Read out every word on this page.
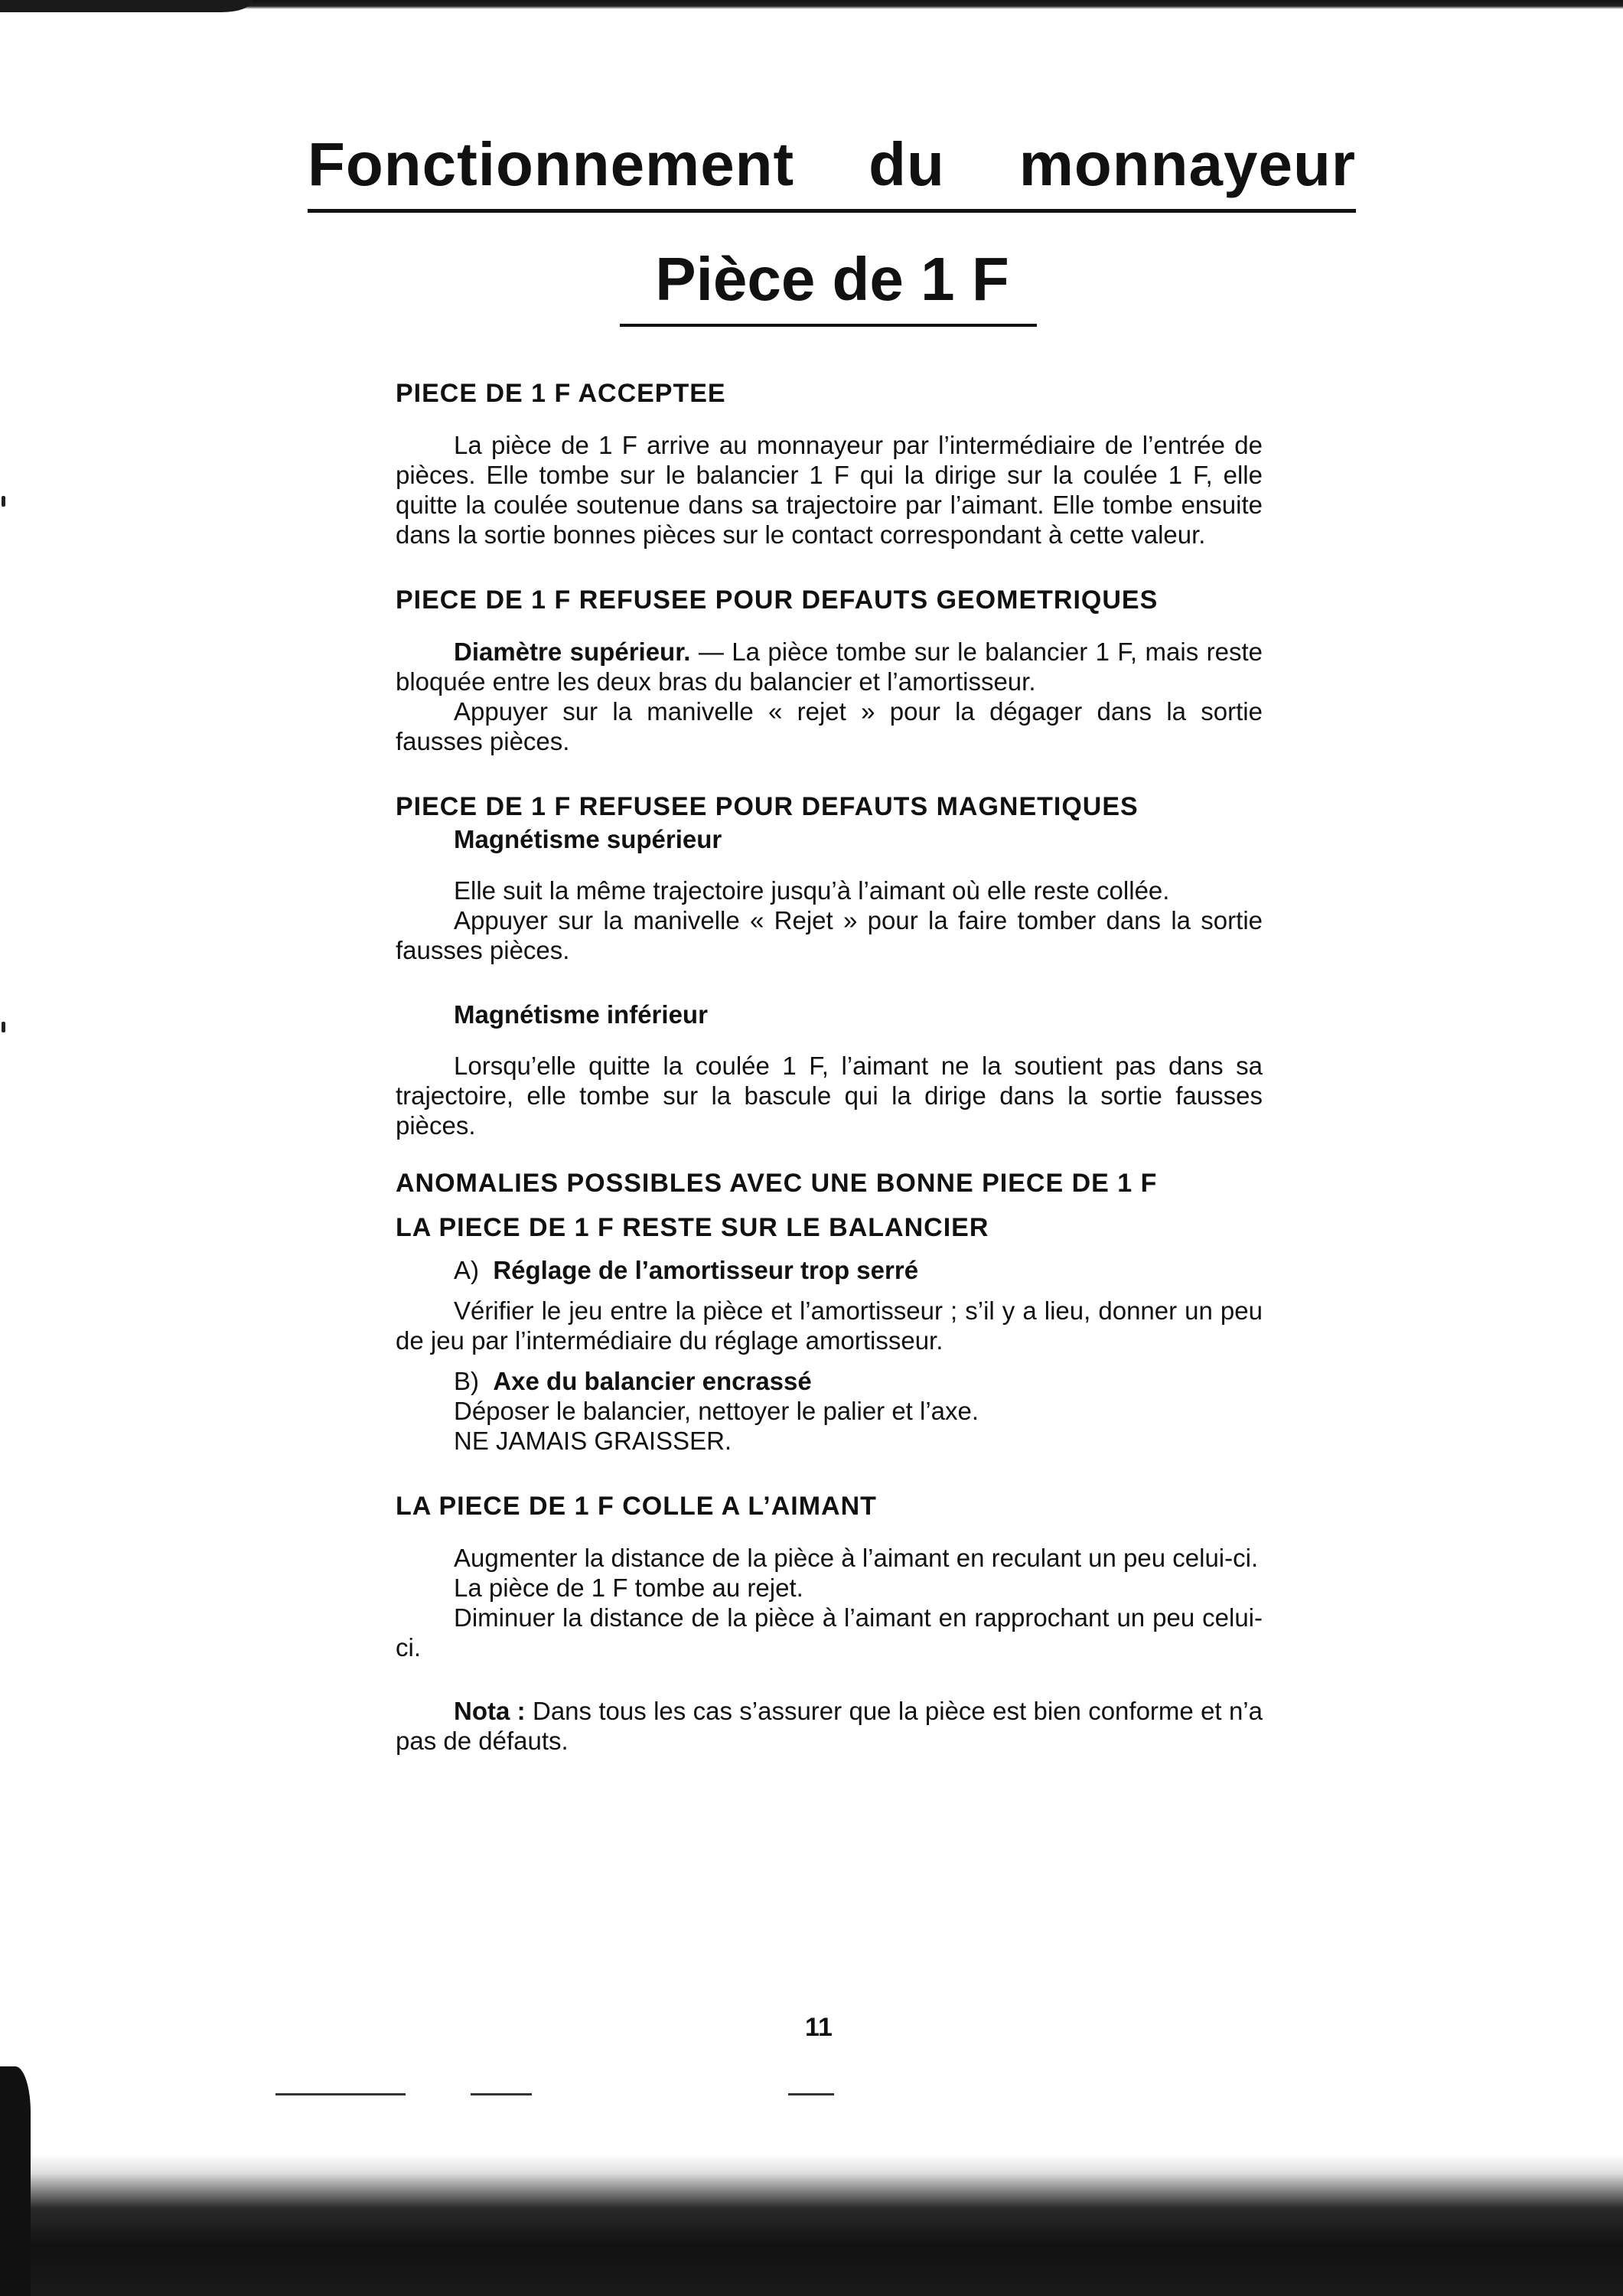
Fonctionnement du monnayeur
Pièce de 1 F
PIECE DE 1 F ACCEPTEE

La pièce de 1 F arrive au monnayeur par l’intermédiaire de l’entrée de pièces. Elle tombe sur le balancier 1 F qui la dirige sur la coulée 1 F, elle quitte la coulée soutenue dans sa trajectoire par l’aimant. Elle tombe ensuite dans la sortie bonnes pièces sur le contact correspondant à cette valeur.

PIECE DE 1 F REFUSEE POUR DEFAUTS GEOMETRIQUES

Diamètre supérieur. — La pièce tombe sur le balancier 1 F, mais reste bloquée entre les deux bras du balancier et l’amortisseur.

Appuyer sur la manivelle « rejet » pour la dégager dans la sortie fausses pièces.

PIECE DE 1 F REFUSEE POUR DEFAUTS MAGNETIQUES
Magnétisme supérieur

Elle suit la même trajectoire jusqu’à l’aimant où elle reste collée.

Appuyer sur la manivelle « Rejet » pour la faire tomber dans la sortie fausses pièces.

Magnétisme inférieur

Lorsqu’elle quitte la coulée 1 F, l’aimant ne la soutient pas dans sa trajectoire, elle tombe sur la bascule qui la dirige dans la sortie fausses pièces.

ANOMALIES POSSIBLES AVEC UNE BONNE PIECE DE 1 F
LA PIECE DE 1 F RESTE SUR LE BALANCIER

A) Réglage de l’amortisseur trop serré

Vérifier le jeu entre la pièce et l’amortisseur ; s’il y a lieu, donner un peu de jeu par l’intermédiaire du réglage amortisseur.

B) Axe du balancier encrassé

Déposer le balancier, nettoyer le palier et l’axe.

NE JAMAIS GRAISSER.

LA PIECE DE 1 F COLLE A L’AIMANT

Augmenter la distance de la pièce à l’aimant en reculant un peu celui-ci.

La pièce de 1 F tombe au rejet.

Diminuer la distance de la pièce à l’aimant en rapprochant un peu celui-ci.

Nota : Dans tous les cas s’assurer que la pièce est bien conforme et n’a pas de défauts.

11
